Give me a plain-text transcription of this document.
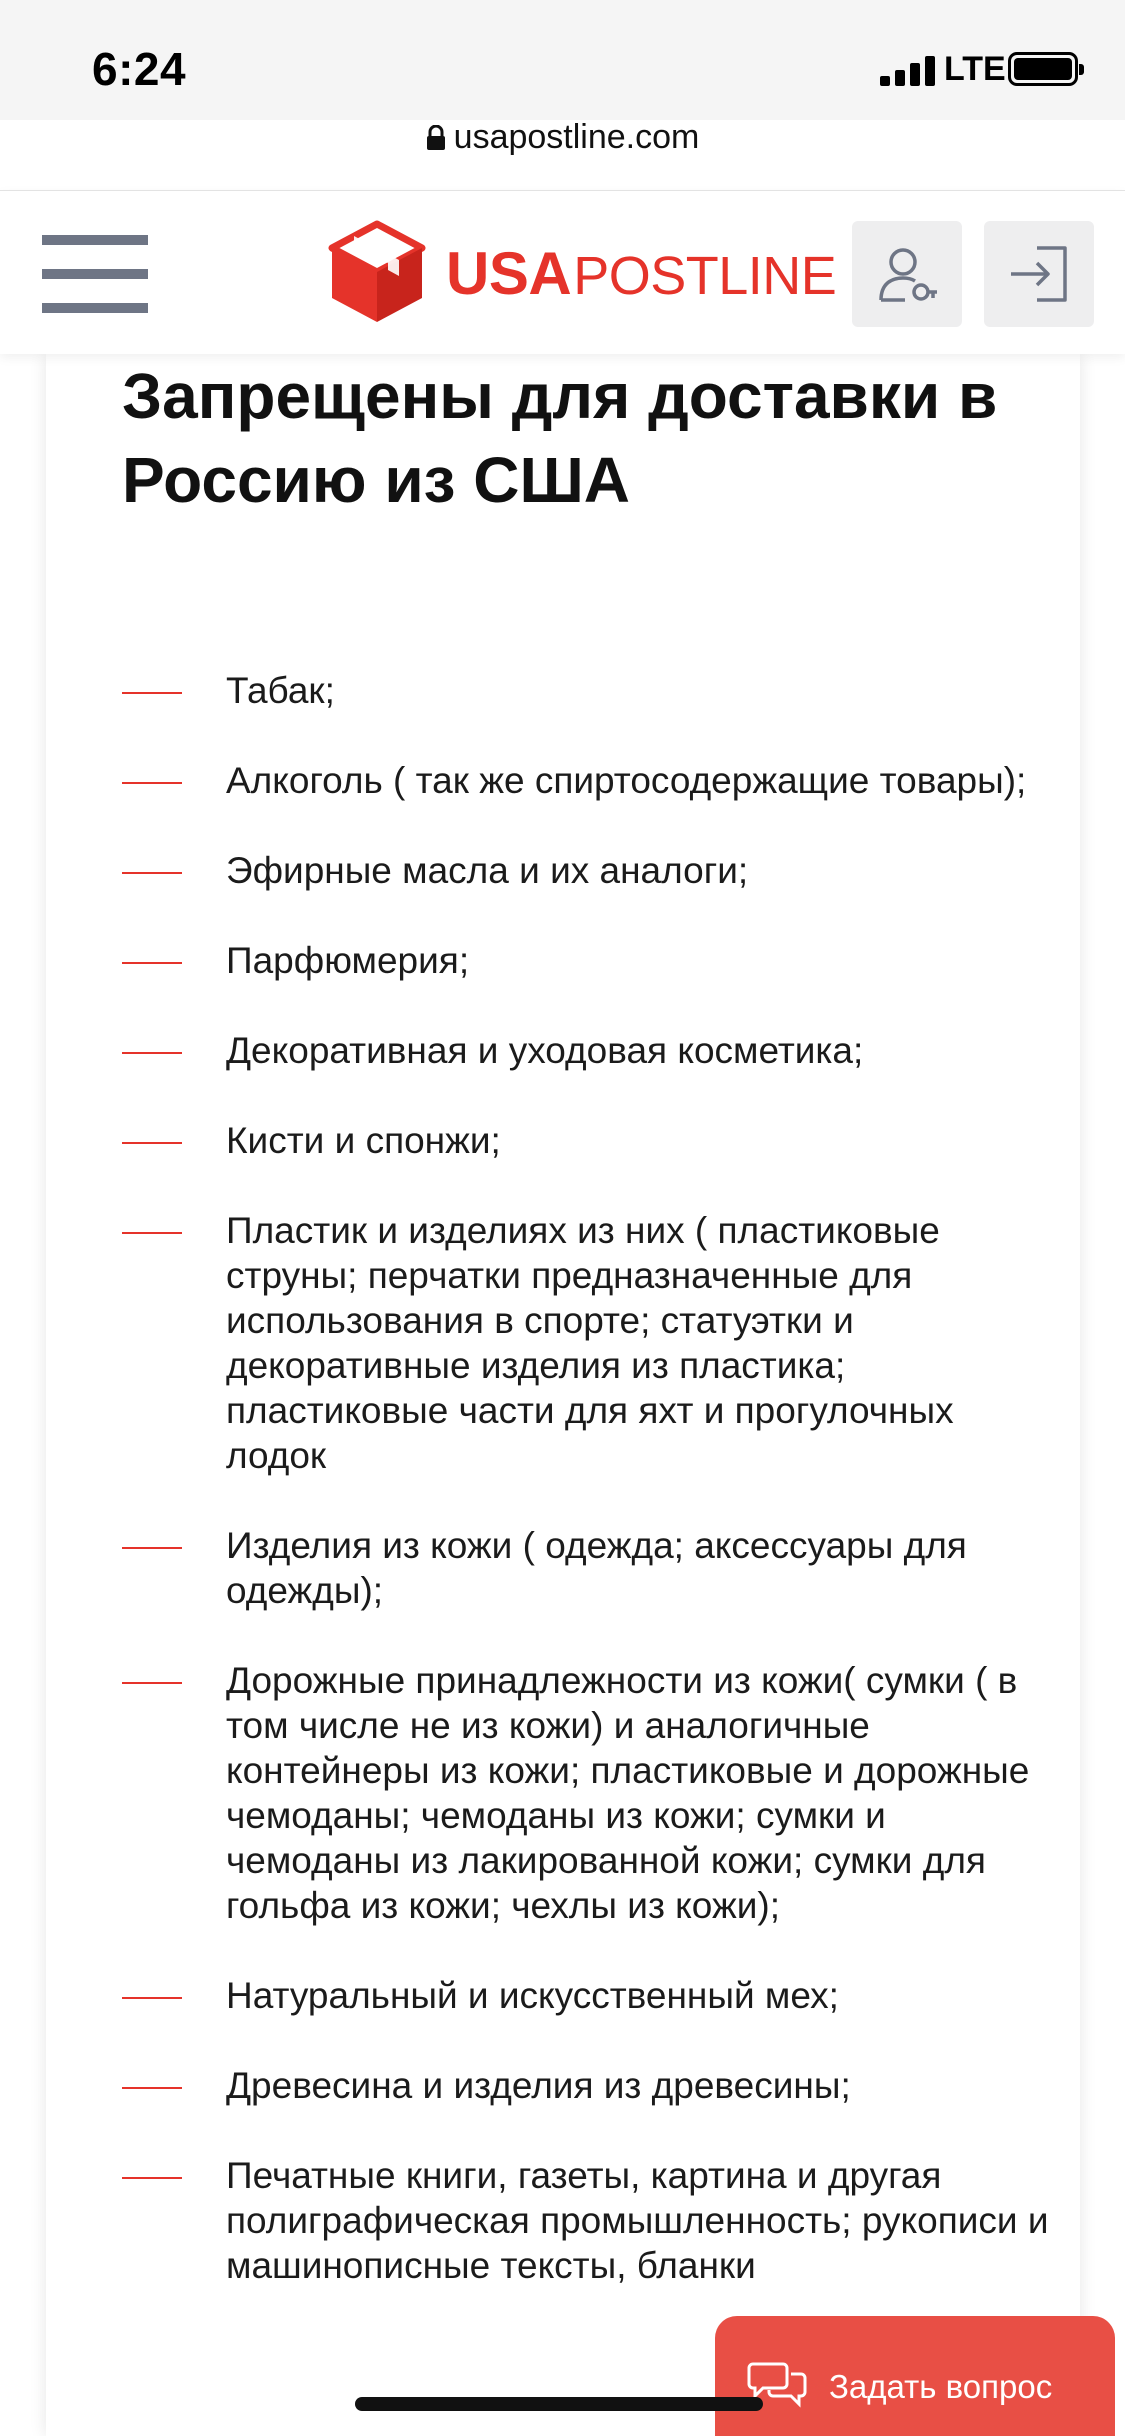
6:24	LTE
usapostline.com
USAPOSTLINE
Запрещены для доставки в Россию из США
Табак;
Алкоголь ( так же спиртосодержащие товары);
Эфирные масла и их аналоги;
Парфюмерия;
Декоративная и уходовая косметика;
Кисти и спонжи;
Пластик и изделиях из них ( пластиковые струны; перчатки предназначенные для использования в спорте; статуэтки и декоративные изделия из пластика; пластиковые части для яхт и прогулочных лодок
Изделия из кожи ( одежда; аксессуары для одежды);
Дорожные принадлежности из кожи( сумки ( в том числе не из кожи) и аналогичные контейнеры из кожи; пластиковые и дорожные чемоданы; чемоданы из кожи; сумки и чемоданы из лакированной кожи; сумки для гольфа из кожи; чехлы из кожи);
Натуральный и искусственный мех;
Древесина и изделия из древесины;
Печатные книги, газеты, картина и другая полиграфическая промышленность; рукописи и машинописные тексты, бланки
Задать вопрос
